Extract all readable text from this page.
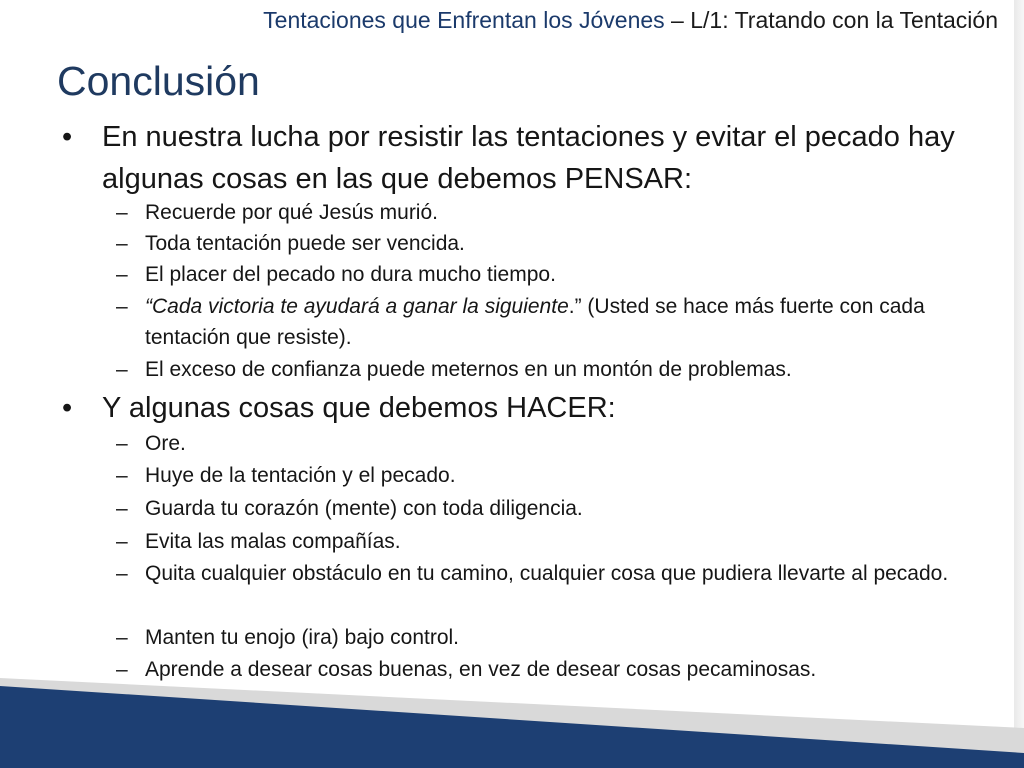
Tentaciones que Enfrentan los Jóvenes – L/1: Tratando con la Tentación
Conclusión
• En nuestra lucha por resistir las tentaciones y evitar el pecado hay algunas cosas en las que debemos PENSAR:
– Recuerde por qué Jesús murió.
– Toda tentación puede ser vencida.
– El placer del pecado no dura mucho tiempo.
– “Cada victoria te ayudará a ganar la siguiente.” (Usted se hace más fuerte con cada tentación que resiste).
– El exceso de confianza puede meternos en un montón de problemas.
• Y algunas cosas que debemos HACER:
– Ore.
– Huye de la tentación y el pecado.
– Guarda tu corazón (mente) con toda diligencia.
– Evita las malas compañías.
– Quita cualquier obstáculo en tu camino, cualquier cosa que pudiera llevarte al pecado.
– Manten tu enojo (ira) bajo control.
– Aprende a desear cosas buenas, en vez de desear cosas pecaminosas.
